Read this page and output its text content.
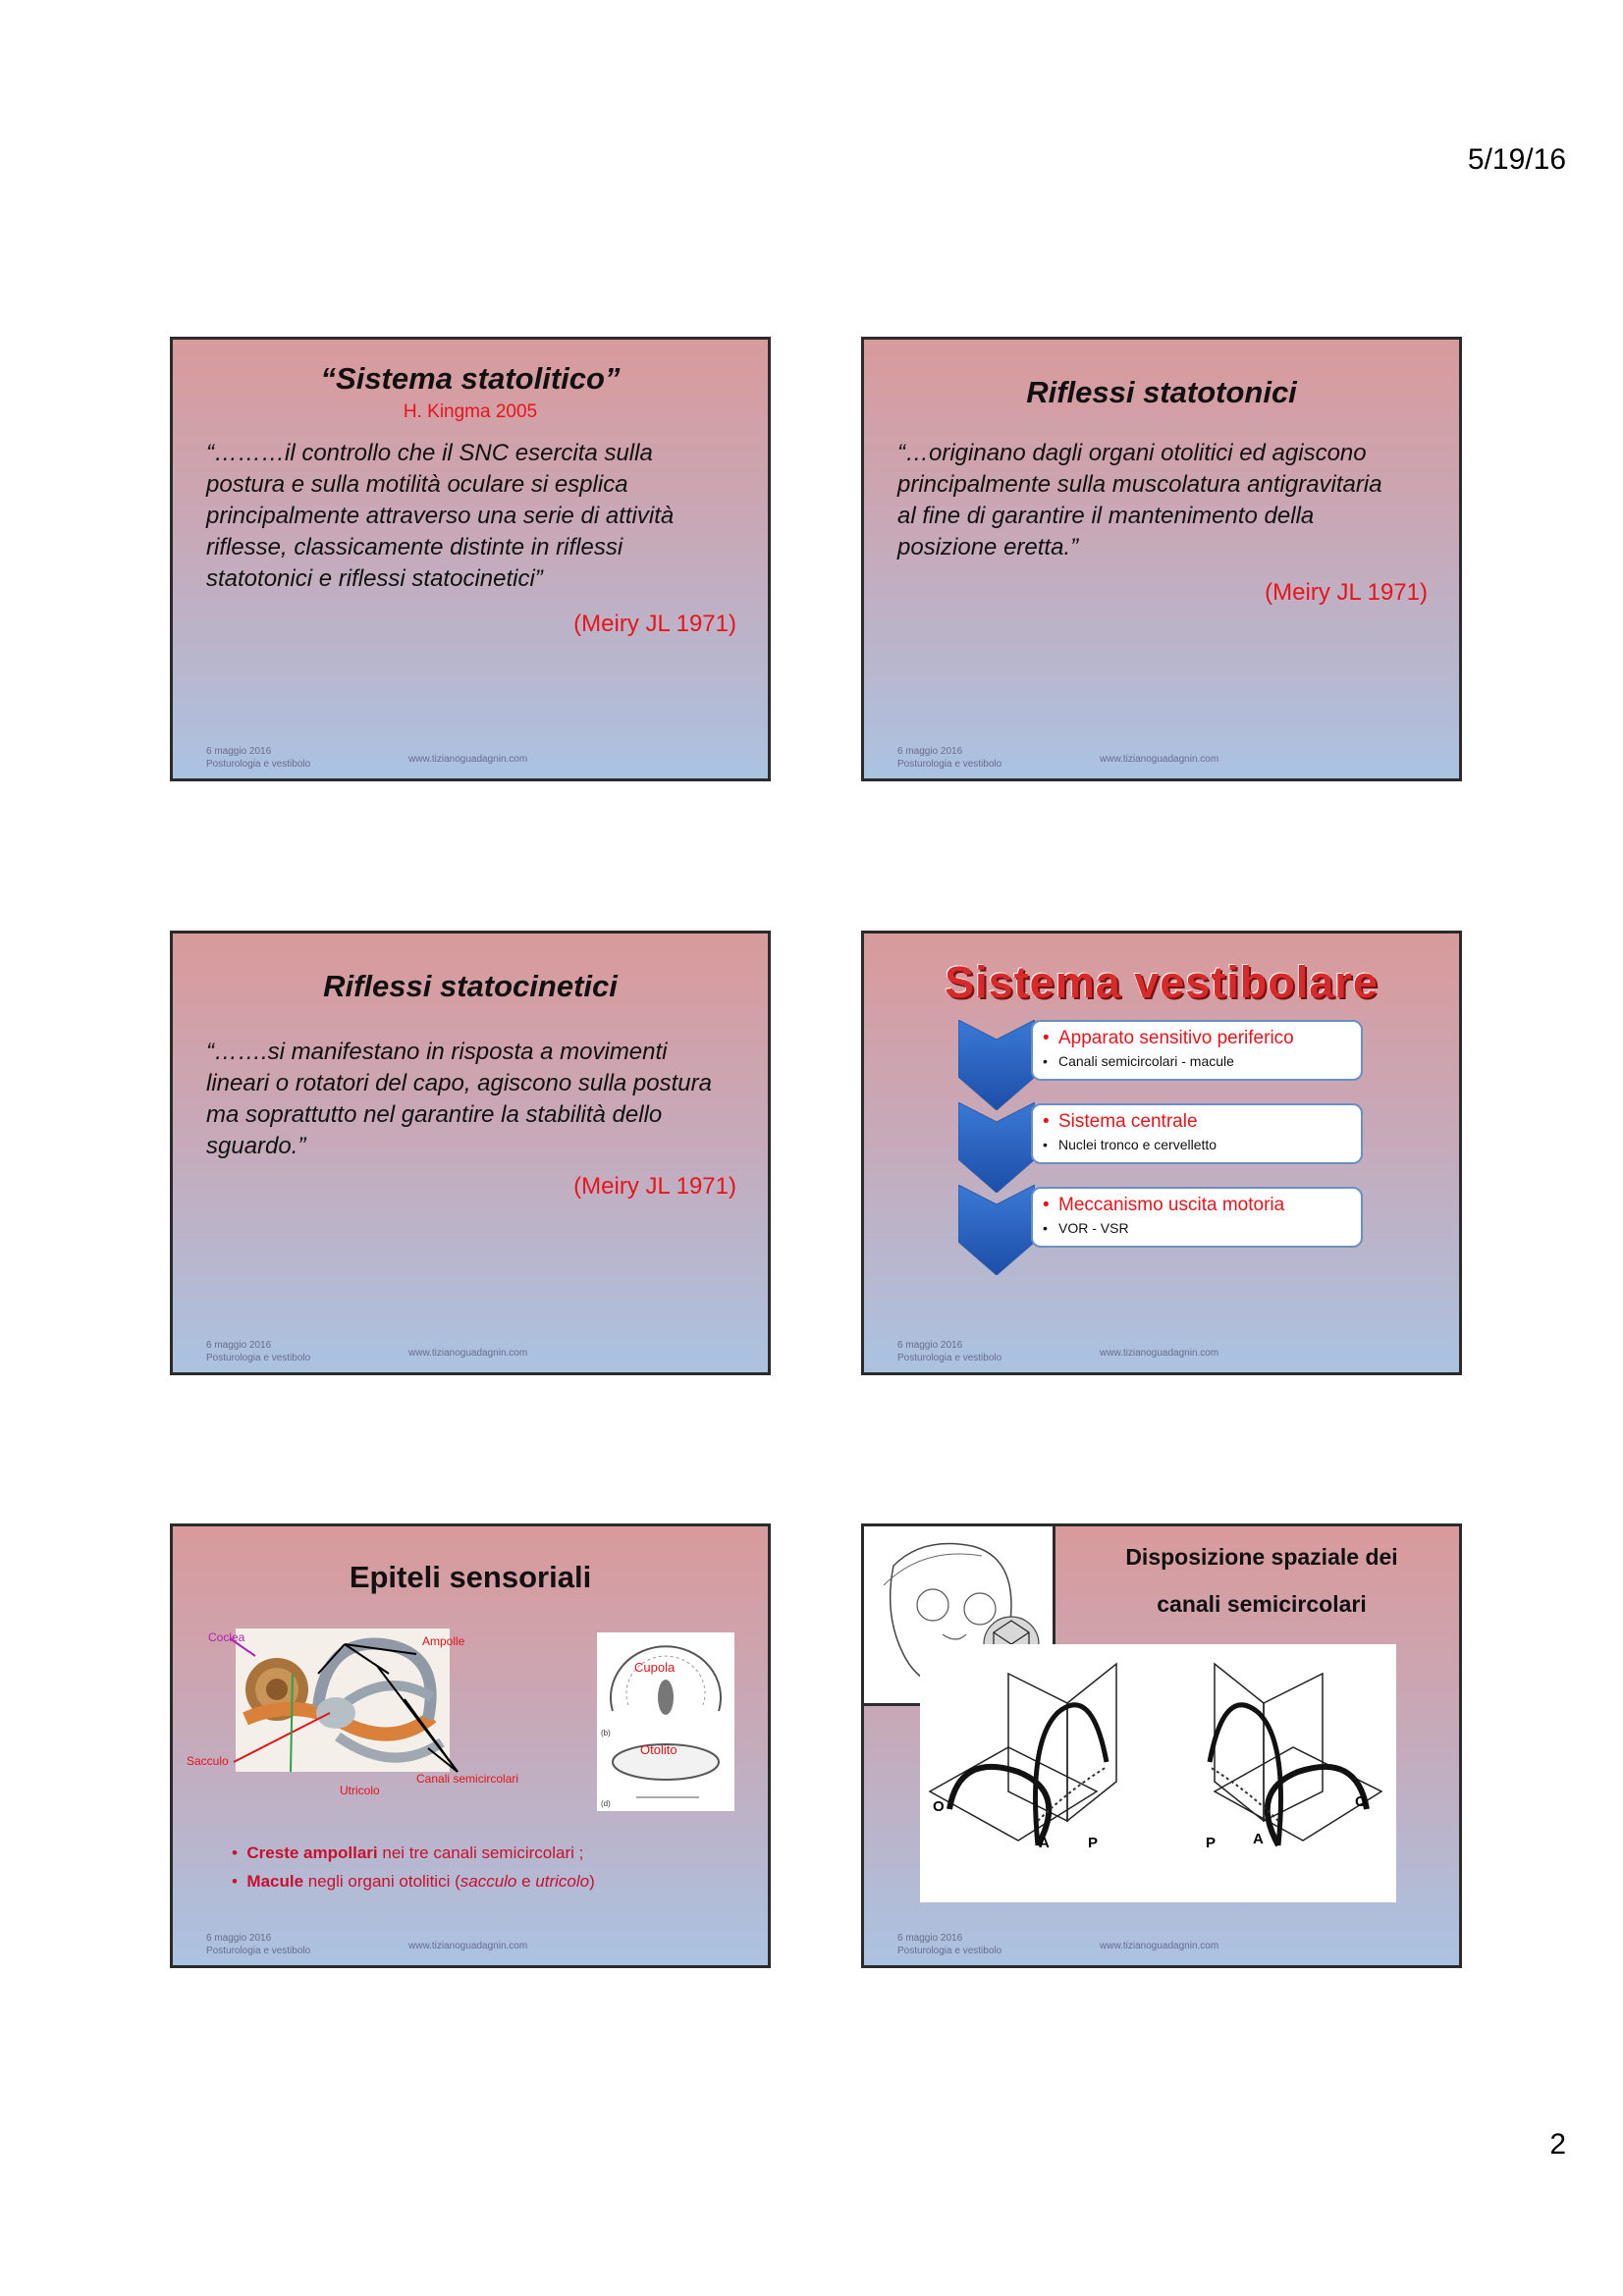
5/19/16
“Sistema statolitico”
H. Kingma 2005
“………il controllo che il SNC esercita sulla
postura e sulla motilità oculare si esplica
principalmente attraverso una serie di attività
riflesse, classicamente distinte in riflessi
statotonici e riflessi statocinetici”
(Meiry JL 1971)
6 maggio 2016
Posturologia e vestibolo	www.tizianoguadagnin.com
Riflessi statotonici
“…originano dagli organi otolitici ed agiscono
principalmente sulla muscolatura antigravitaria
al fine di garantire il mantenimento della
posizione eretta.”
(Meiry JL 1971)
6 maggio 2016
Posturologia e vestibolo	www.tizianoguadagnin.com
Riflessi statocinetici
“…….si manifestano in risposta a movimenti
lineari o rotatori del capo, agiscono sulla postura
ma soprattutto nel garantire la stabilità dello
sguardo.”
(Meiry JL 1971)
6 maggio 2016
Posturologia e vestibolo	www.tizianoguadagnin.com
Sistema vestibolare
• Apparato sensitivo periferico
• Canali semicircolari - macule
• Sistema centrale
• Nuclei tronco e cervelletto
• Meccanismo uscita motoria
• VOR - VSR
6 maggio 2016
Posturologia e vestibolo	www.tizianoguadagnin.com
Epiteli sensoriali
Coclea	Ampolle
Sacculo
Utricolo
Canali semicircolari
Cupola
Otolito
(b)
(d)
•  Creste ampollari nei tre canali semicircolari ;
•  Macule negli organi otolitici (sacculo e utricolo)
6 maggio 2016
Posturologia e vestibolo	www.tizianoguadagnin.com
Disposizione spaziale dei
canali semicircolari
O
A	P	P	A
O
6 maggio 2016
Posturologia e vestibolo	www.tizianoguadagnin.com
2
